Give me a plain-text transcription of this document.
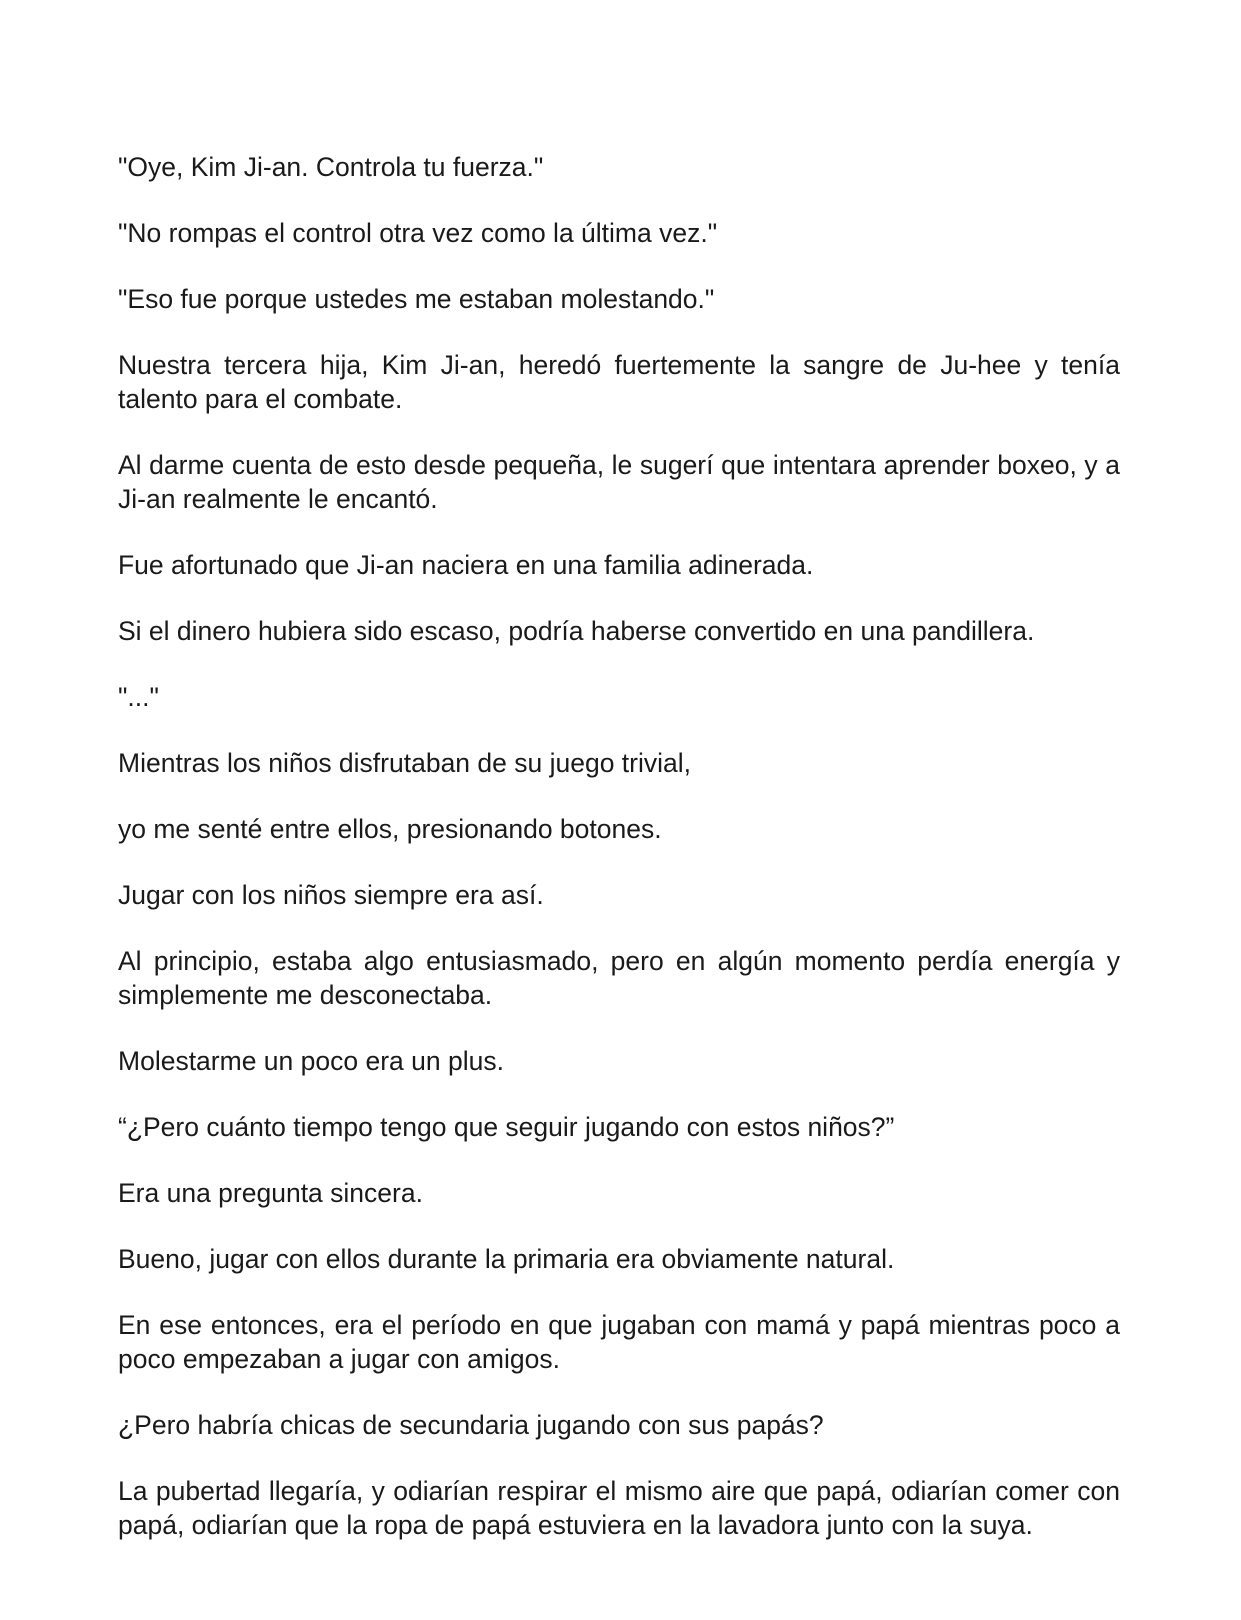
"Oye, Kim Ji-an. Controla tu fuerza."

"No rompas el control otra vez como la última vez."

"Eso fue porque ustedes me estaban molestando."

Nuestra tercera hija, Kim Ji-an, heredó fuertemente la sangre de Ju-hee y tenía talento para el combate.

Al darme cuenta de esto desde pequeña, le sugerí que intentara aprender boxeo, y a Ji-an realmente le encantó.

Fue afortunado que Ji-an naciera en una familia adinerada.

Si el dinero hubiera sido escaso, podría haberse convertido en una pandillera.

"..."

Mientras los niños disfrutaban de su juego trivial,

yo me senté entre ellos, presionando botones.

Jugar con los niños siempre era así.

Al principio, estaba algo entusiasmado, pero en algún momento perdía energía y simplemente me desconectaba.

Molestarme un poco era un plus.

“¿Pero cuánto tiempo tengo que seguir jugando con estos niños?”

Era una pregunta sincera.

Bueno, jugar con ellos durante la primaria era obviamente natural.

En ese entonces, era el período en que jugaban con mamá y papá mientras poco a poco empezaban a jugar con amigos.

¿Pero habría chicas de secundaria jugando con sus papás?

La pubertad llegaría, y odiarían respirar el mismo aire que papá, odiarían comer con papá, odiarían que la ropa de papá estuviera en la lavadora junto con la suya.
